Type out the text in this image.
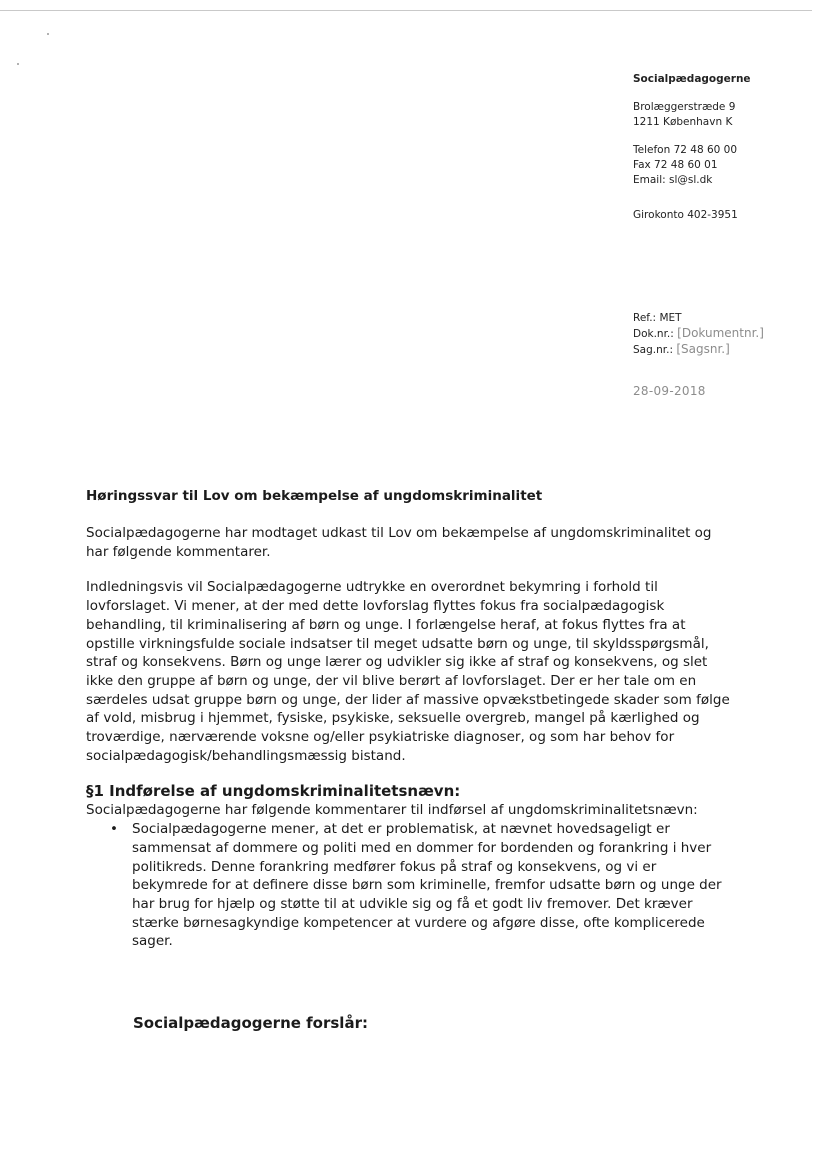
Socialpædagogerne
Brolæggerstræde 9
1211 København K
Telefon 72 48 60 00
Fax 72 48 60 01
Email: sl@sl.dk
Girokonto 402-3951
Ref.: MET
Dok.nr.: [Dokumentnr.]
Sag.nr.: [Sagsnr.]
28-09-2018

Høringssvar til Lov om bekæmpelse af ungdomskriminalitet

Socialpædagogerne har modtaget udkast til Lov om bekæmpelse af ungdomskriminalitet og har følgende kommentarer.

Indledningsvis vil Socialpædagogerne udtrykke en overordnet bekymring i forhold til lovforslaget. Vi mener, at der med dette lovforslag flyttes fokus fra socialpædagogisk behandling, til kriminalisering af børn og unge. I forlængelse heraf, at fokus flyttes fra at opstille virkningsfulde sociale indsatser til meget udsatte børn og unge, til skyldsspørgsmål, straf og konsekvens. Børn og unge lærer og udvikler sig ikke af straf og konsekvens, og slet ikke den gruppe af børn og unge, der vil blive berørt af lovforslaget. Der er her tale om en særdeles udsat gruppe børn og unge, der lider af massive opvækstbetingede skader som følge af vold, misbrug i hjemmet, fysiske, psykiske, seksuelle overgreb, mangel på kærlighed og troværdige, nærværende voksne og/eller psykiatriske diagnoser, og som har behov for socialpædagogisk/behandlingsmæssig bistand.

§1 Indførelse af ungdomskriminalitetsnævn:

Socialpædagogerne har følgende kommentarer til indførsel af ungdomskriminalitetsnævn:

• Socialpædagogerne mener, at det er problematisk, at nævnet hovedsageligt er sammensat af dommere og politi med en dommer for bordenden og forankring i hver politikreds. Denne forankring medfører fokus på straf og konsekvens, og vi er bekymrede for at definere disse børn som kriminelle, fremfor udsatte børn og unge der har brug for hjælp og støtte til at udvikle sig og få et godt liv fremover. Det kræver stærke børnesagkyndige kompetencer at vurdere og afgøre disse, ofte komplicerede sager.
Socialpædagogerne forslår:
